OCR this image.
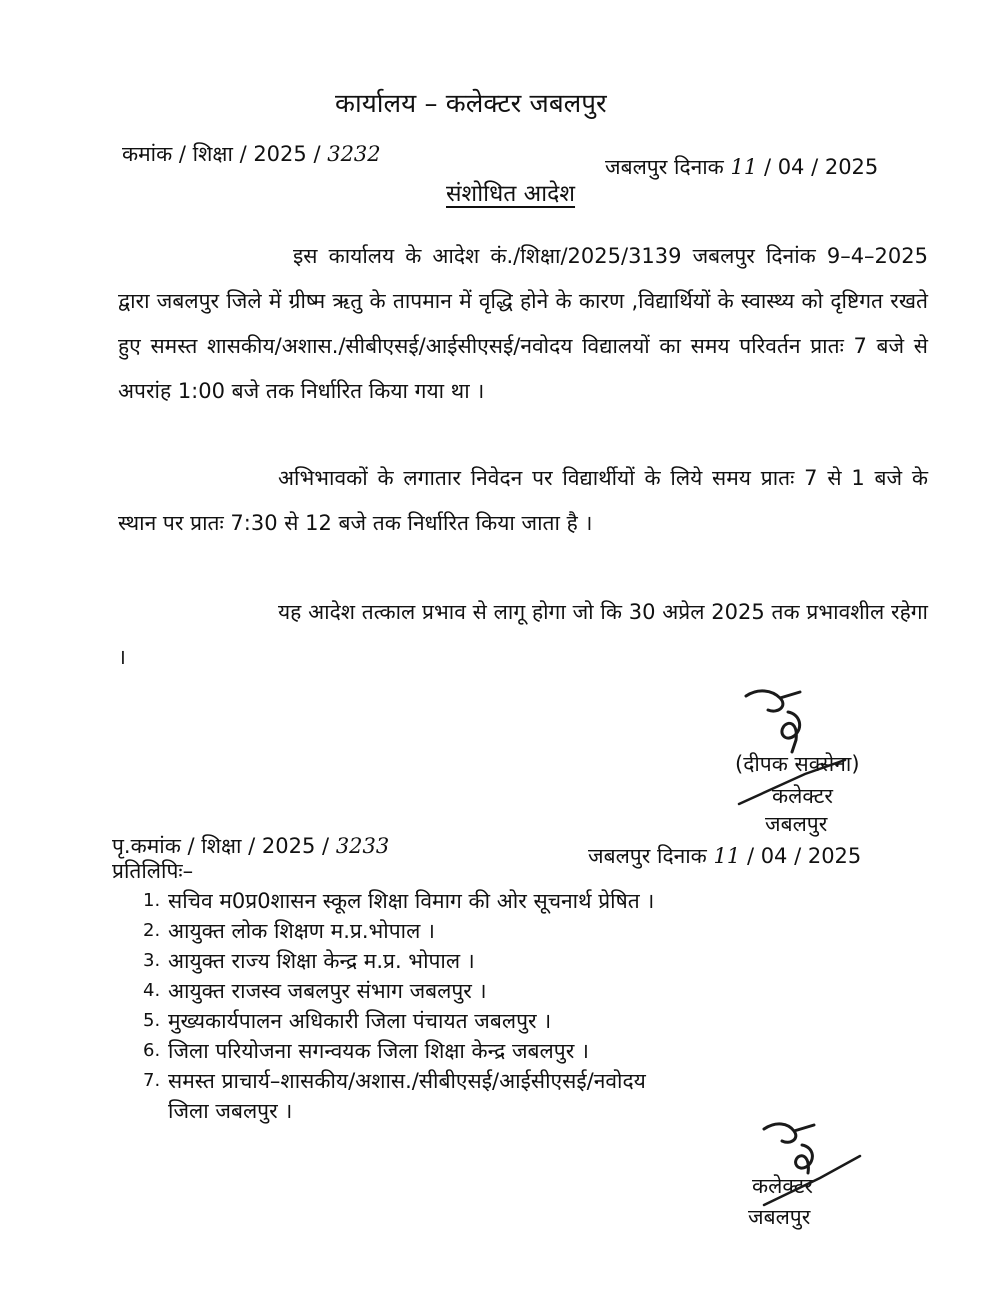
कार्यालय – कलेक्टर जबलपुर
कमांक / शिक्षा / 2025 / 3232
जबलपुर दिनाक 11 / 04 / 2025
संशोधित आदेश
इस कार्यालय के आदेश कं./शिक्षा/2025/3139 जबलपुर दिनांक 9–4–2025 द्वारा जबलपुर जिले में ग्रीष्म ऋतु के तापमान में वृद्धि होने के कारण ,विद्यार्थियों के स्वास्थ्य को दृष्टिगत रखते हुए समस्त शासकीय/अशास./सीबीएसई/आईसीएसई/नवोदय विद्यालयों का समय परिवर्तन प्रातः 7 बजे से अपरांह 1:00 बजे तक निर्धारित किया गया था ।
अभिभावकों के लगातार निवेदन पर विद्यार्थीयों के लिये समय प्रातः 7 से 1 बजे के स्थान पर प्रातः 7:30 से 12 बजे तक निर्धारित किया जाता है ।
यह आदेश तत्काल प्रभाव से लागू होगा जो कि 30 अप्रेल 2025 तक प्रभावशील रहेगा ।
(दीपक सक्सेना)
कलेक्टर
जबलपुर
पृ.कमांक / शिक्षा / 2025 / 3233	जबलपुर दिनाक 11 / 04 / 2025
प्रतिलिपिः–
1. सचिव म0प्र0शासन स्कूल शिक्षा विमाग की ओर सूचनार्थ प्रेषित ।
2. आयुक्त लोक शिक्षण म.प्र.भोपाल ।
3. आयुक्त राज्य शिक्षा केन्द्र म.प्र. भोपाल ।
4. आयुक्त राजस्व जबलपुर संभाग जबलपुर ।
5. मुख्यकार्यपालन अधिकारी जिला पंचायत जबलपुर ।
6. जिला परियोजना सगन्वयक जिला शिक्षा केन्द्र जबलपुर ।
7. समस्त प्राचार्य–शासकीय/अशास./सीबीएसई/आईसीएसई/नवोदय
जिला जबलपुर ।
कलेक्टर
जबलपुर
